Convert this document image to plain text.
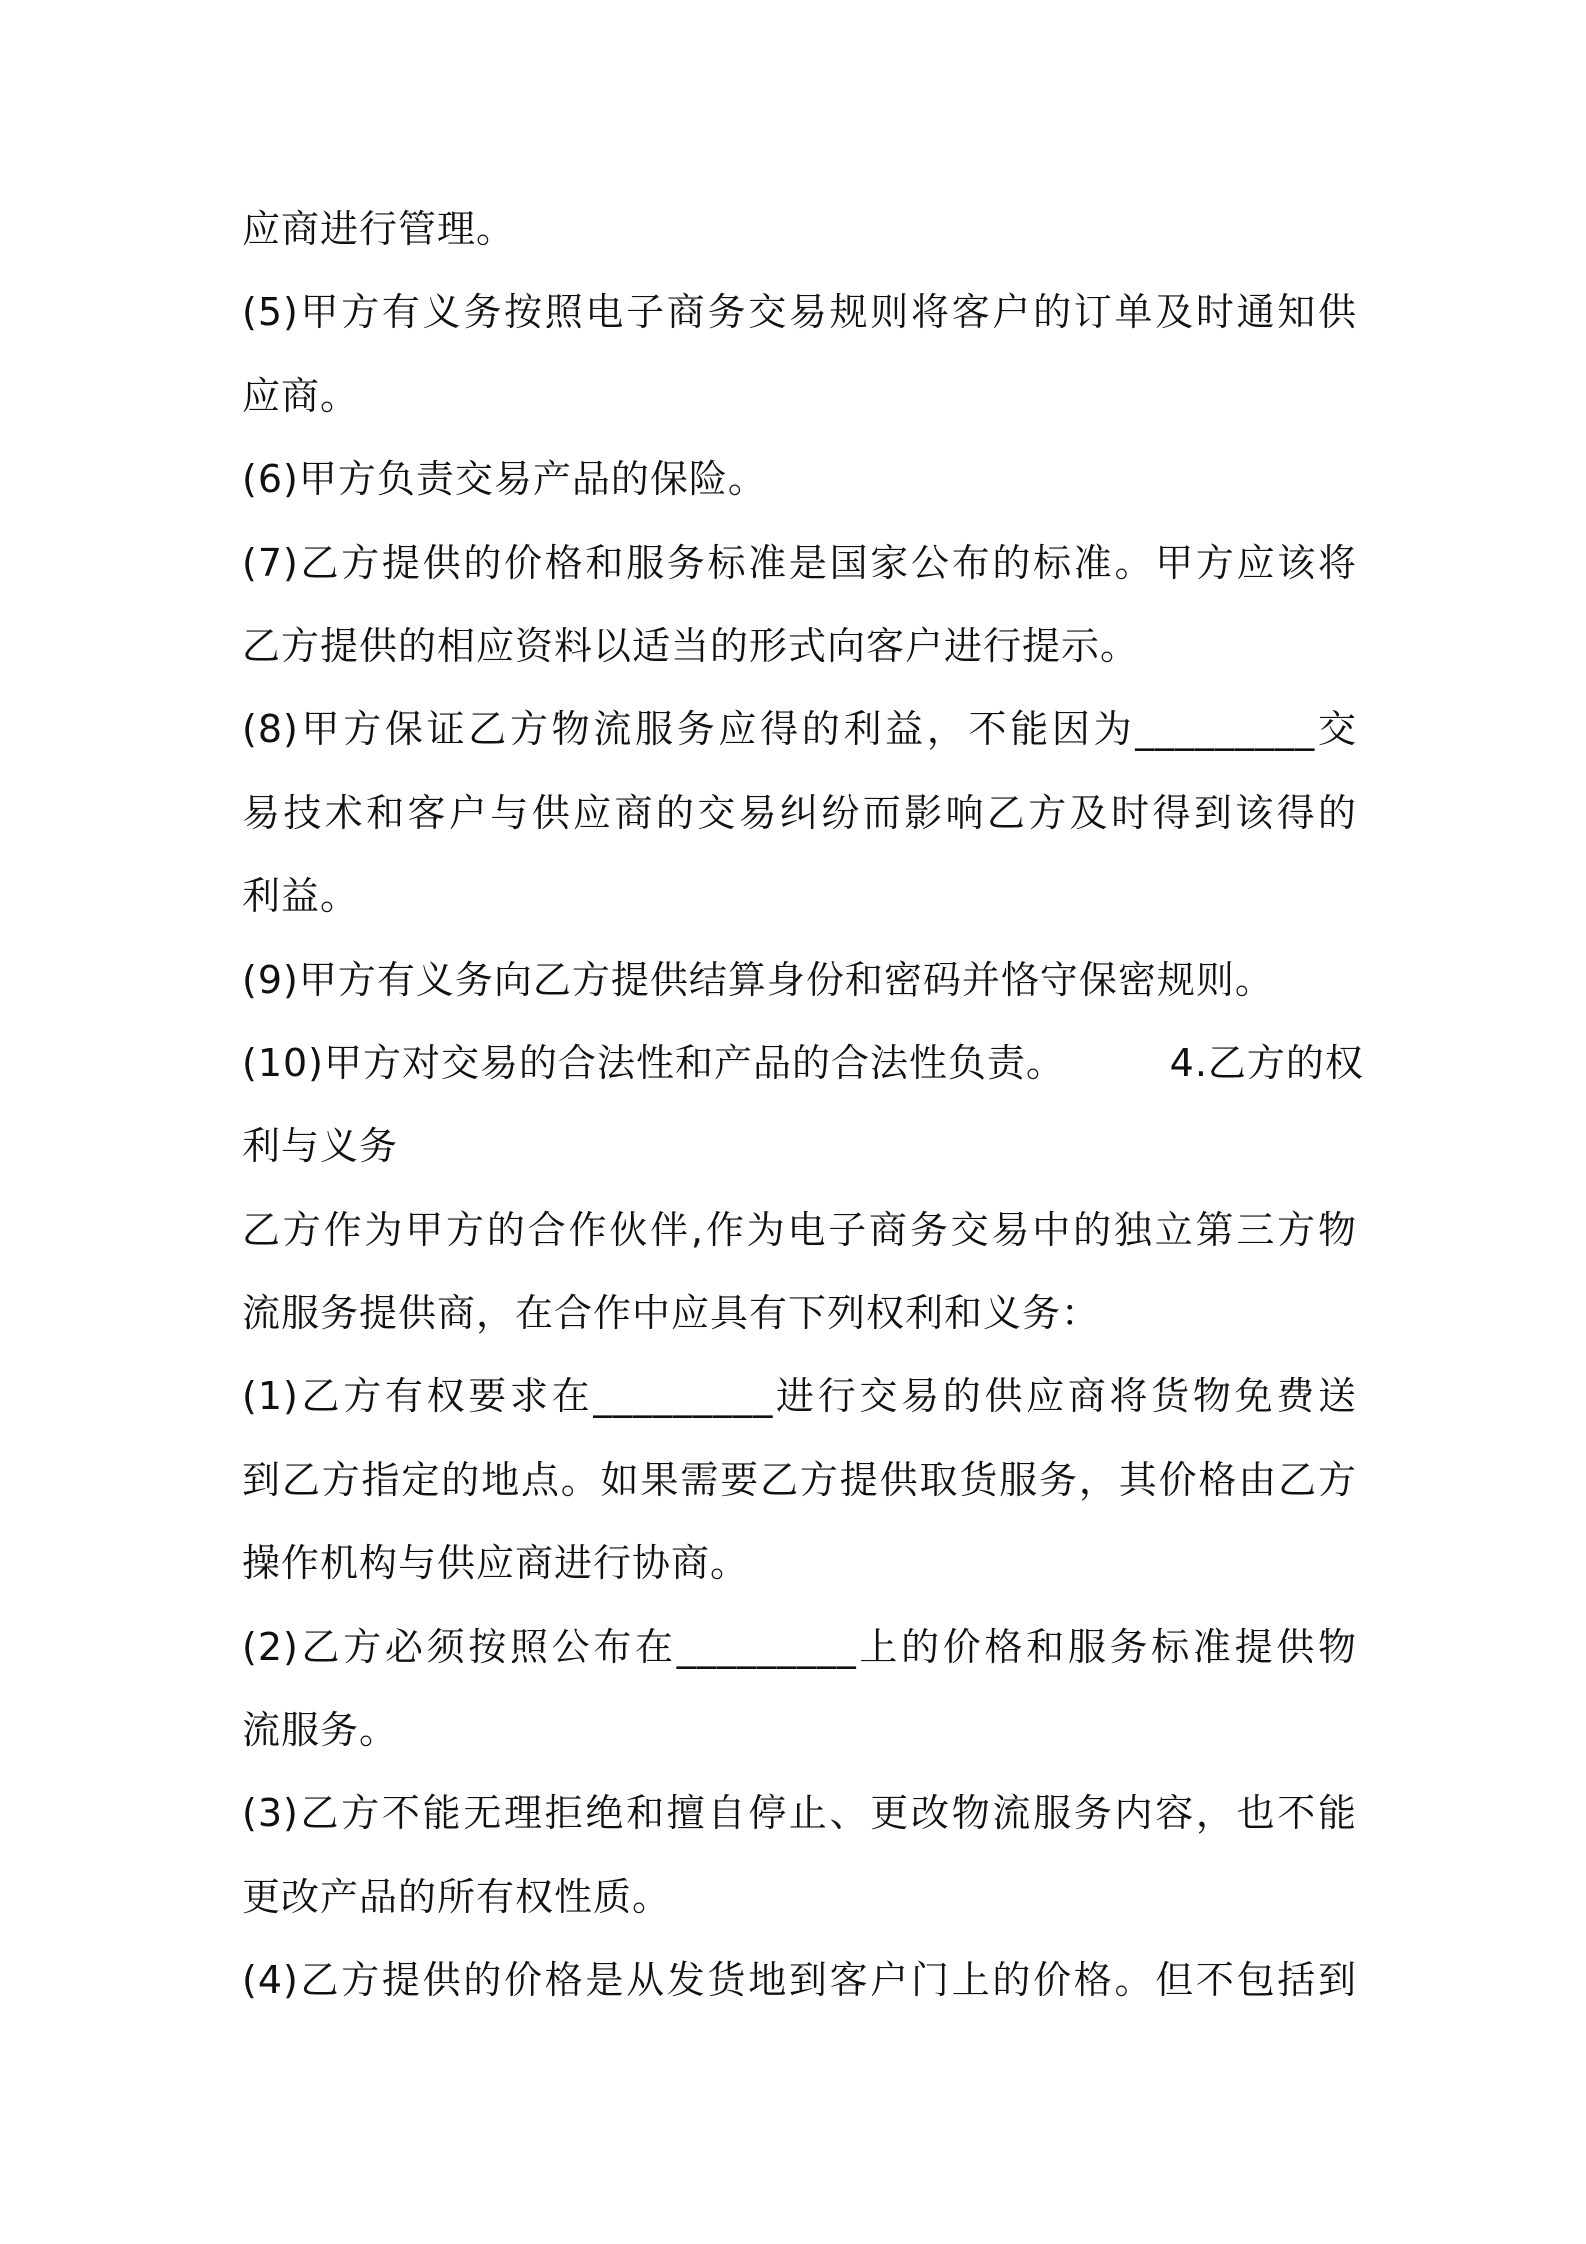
应商进行管理。
(5)甲方有义务按照电子商务交易规则将客户的订单及时通知供
应商。
(6)甲方负责交易产品的保险。
(7)乙方提供的价格和服务标准是国家公布的标准。甲方应该将
乙方提供的相应资料以适当的形式向客户进行提示。
(8)甲方保证乙方物流服务应得的利益，不能因为_________交
易技术和客户与供应商的交易纠纷而影响乙方及时得到该得的
利益。
(9)甲方有义务向乙方提供结算身份和密码并恪守保密规则。
(10)甲方对交易的合法性和产品的合法性负责。        4.乙方的权
利与义务
乙方作为甲方的合作伙伴,作为电子商务交易中的独立第三方物
流服务提供商，在合作中应具有下列权利和义务：
(1)乙方有权要求在_________进行交易的供应商将货物免费送
到乙方指定的地点。如果需要乙方提供取货服务，其价格由乙方
操作机构与供应商进行协商。
(2)乙方必须按照公布在_________上的价格和服务标准提供物
流服务。
(3)乙方不能无理拒绝和擅自停止、更改物流服务内容，也不能
更改产品的所有权性质。
(4)乙方提供的价格是从发货地到客户门上的价格。但不包括到
